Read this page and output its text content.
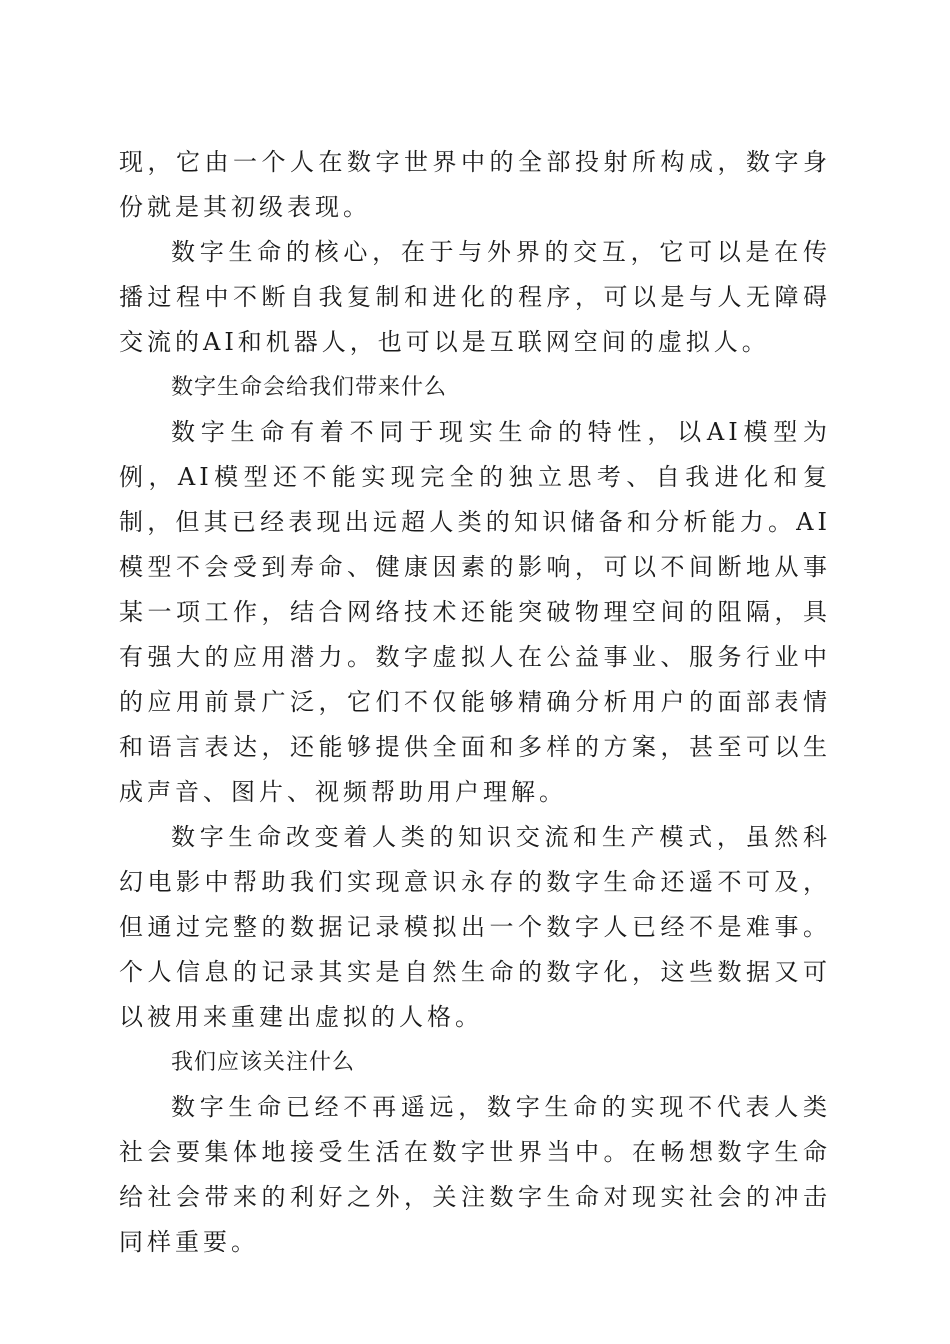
现，它由一个人在数字世界中的全部投射所构成，数字身份就是其初级表现。

数字生命的核心，在于与外界的交互，它可以是在传播过程中不断自我复制和进化的程序，可以是与人无障碍交流的AI和机器人，也可以是互联网空间的虚拟人。

数字生命会给我们带来什么

数字生命有着不同于现实生命的特性，以AI模型为例，AI模型还不能实现完全的独立思考、自我进化和复制，但其已经表现出远超人类的知识储备和分析能力。AI模型不会受到寿命、健康因素的影响，可以不间断地从事某一项工作，结合网络技术还能突破物理空间的阻隔，具有强大的应用潜力。数字虚拟人在公益事业、服务行业中的应用前景广泛，它们不仅能够精确分析用户的面部表情和语言表达，还能够提供全面和多样的方案，甚至可以生成声音、图片、视频帮助用户理解。

数字生命改变着人类的知识交流和生产模式，虽然科幻电影中帮助我们实现意识永存的数字生命还遥不可及，但通过完整的数据记录模拟出一个数字人已经不是难事。个人信息的记录其实是自然生命的数字化，这些数据又可以被用来重建出虚拟的人格。

我们应该关注什么

数字生命已经不再遥远，数字生命的实现不代表人类社会要集体地接受生活在数字世界当中。在畅想数字生命给社会带来的利好之外，关注数字生命对现实社会的冲击同样重要。
